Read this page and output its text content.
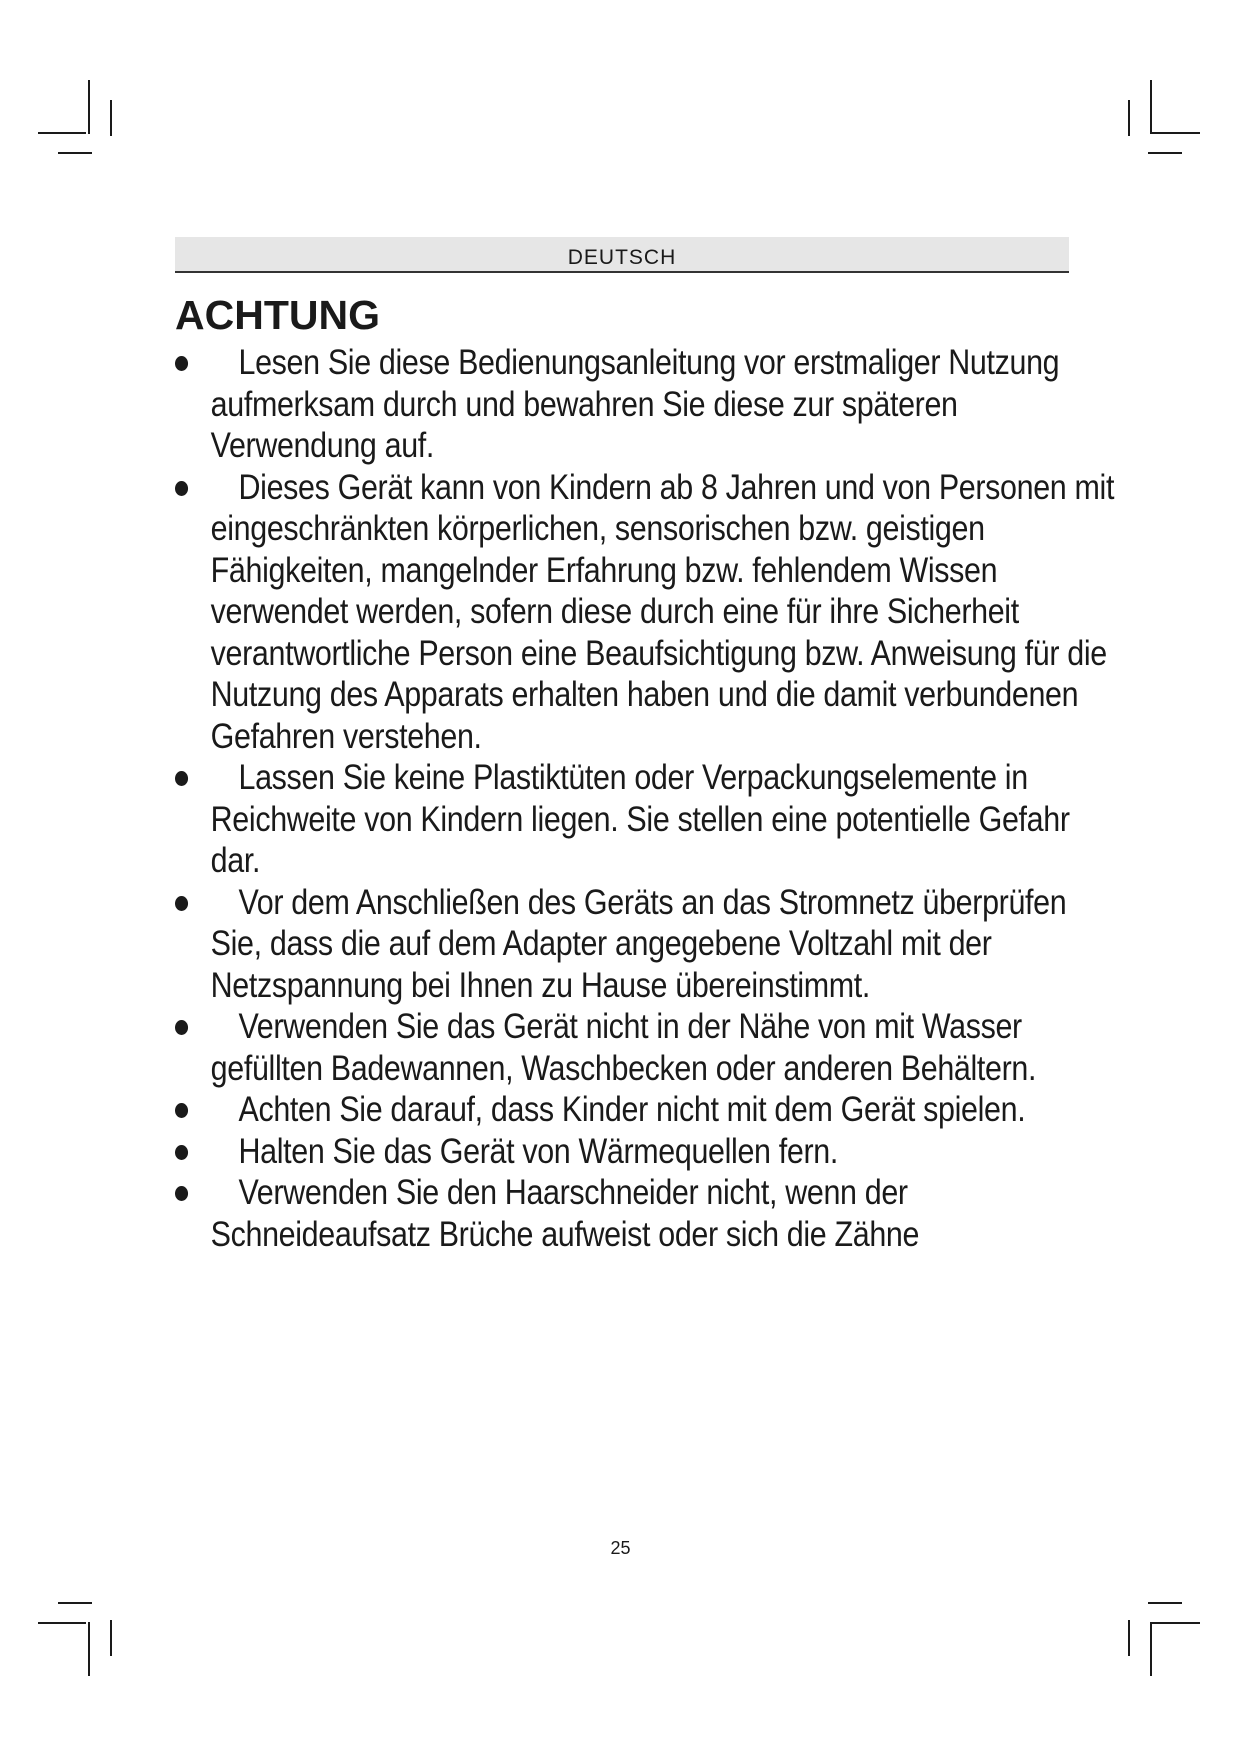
DEUTSCH
ACHTUNG
Lesen Sie diese Bedienungsanleitung vor erstmaliger Nutzung aufmerksam durch und bewahren Sie diese zur späteren Verwendung auf.
Dieses Gerät kann von Kindern ab 8 Jahren und von Personen mit eingeschränkten körperlichen, sensorischen bzw. geistigen Fähigkeiten, mangelnder Erfahrung bzw. fehlendem Wissen verwendet werden, sofern diese durch eine für ihre Sicherheit verantwortliche Person eine Beaufsichtigung bzw. Anweisung für die Nutzung des Apparats erhalten haben und die damit verbundenen Gefahren verstehen.
Lassen Sie keine Plastiktüten oder Verpackungselemente in Reichweite von Kindern liegen. Sie stellen eine potentielle Gefahr dar.
Vor dem Anschließen des Geräts an das Stromnetz überprüfen Sie, dass die auf dem Adapter angegebene Voltzahl mit der Netzspannung bei Ihnen zu Hause übereinstimmt.
Verwenden Sie das Gerät nicht in der Nähe von mit Wasser gefüllten Badewannen, Waschbecken oder anderen Behältern.
Achten Sie darauf, dass Kinder nicht mit dem Gerät spielen.
Halten Sie das Gerät von Wärmequellen fern.
Verwenden Sie den Haarschneider nicht, wenn der Schneideaufsatz Brüche aufweist oder sich die Zähne
25
